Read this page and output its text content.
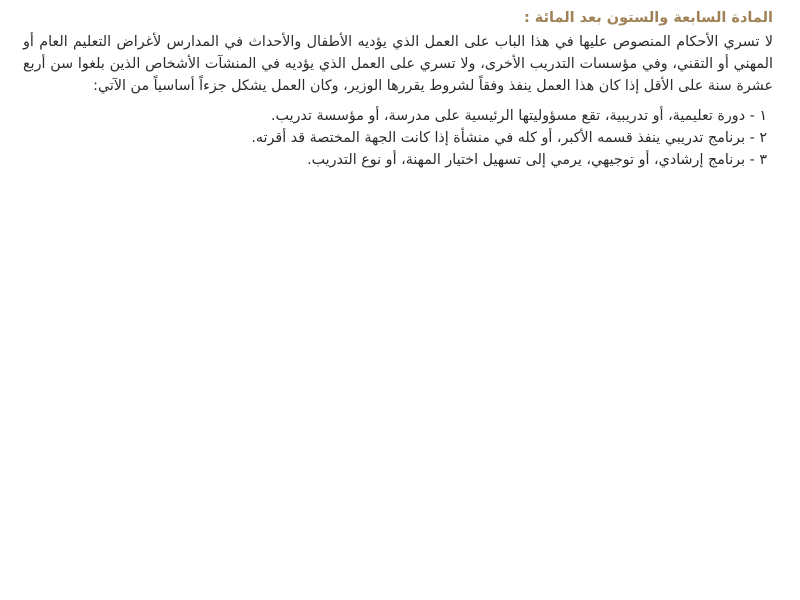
المادة السابعة والستون بعد المائة :

لا تسري الأحكام المنصوص عليها في هذا الباب على العمل الذي يؤديه الأطفال والأحداث في المدارس لأغراض التعليم العام أو المهني أو التقني، وفي مؤسسات التدريب الأخرى، ولا تسري على العمل الذي يؤديه في المنشآت الأشخاص الذين بلغوا سن أربع عشرة سنة على الأقل إذا كان هذا العمل ينفذ وفقاً لشروط يقررها الوزير، وكان العمل يشكل جزءاً أساسياً من الآتي:

١ - دورة تعليمية، أو تدريبية، تقع مسؤوليتها الرئيسية على مدرسة، أو مؤسسة تدريب.
٢ - برنامج تدريبي ينفذ قسمه الأكبر، أو كله في منشأة إذا كانت الجهة المختصة قد أقرته.
٣ - برنامج إرشادي، أو توجيهي، يرمي إلى تسهيل اختيار المهنة، أو نوع التدريب.
